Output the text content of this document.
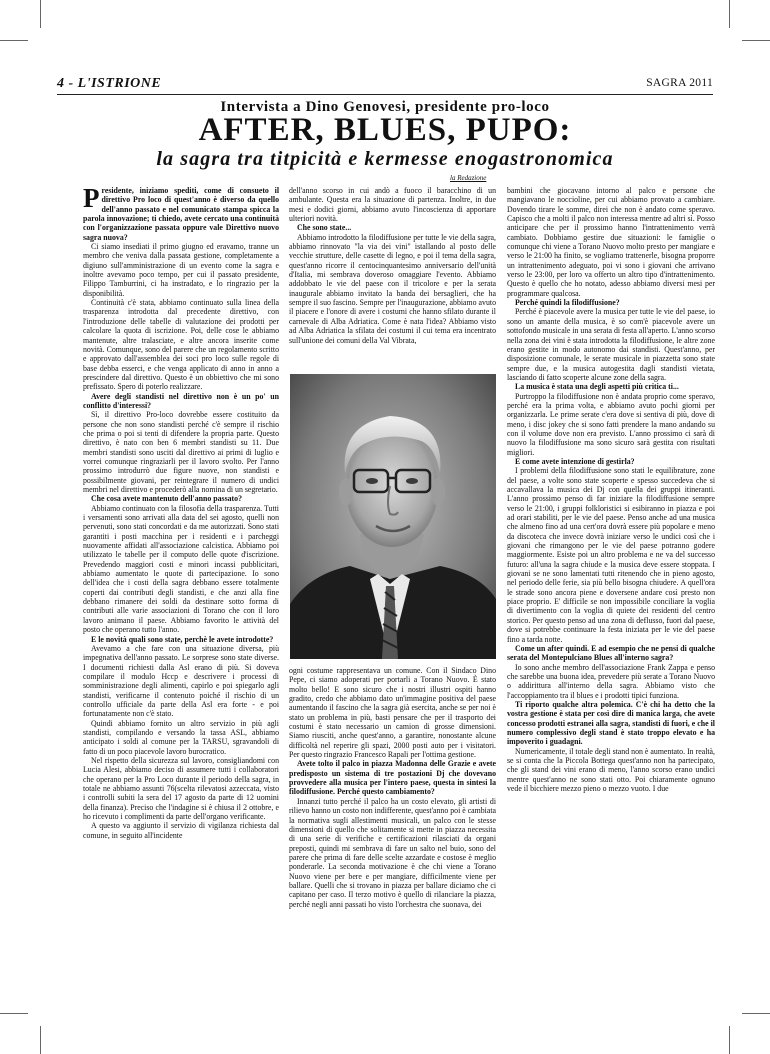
4 - L'ISTRIONE	SAGRA 2011
Intervista a Dino Genovesi, presidente pro-loco
AFTER, BLUES, PUPO:
la sagra tra titpicità e kermesse enogastronomica
la Redazione

Presidente, iniziamo spediti, come di consueto il direttivo Pro loco di quest'anno è diverso da quello dell'anno passato e nel comunicato stampa spicca la parola innovazione; ti chiedo, avete cercato una continuità con l'organizzazione passata oppure vale Direttivo nuovo sagra nuova?

Ci siamo insediati il primo giugno ed eravamo, tranne un membro che veniva dalla passata gestione, completamente a digiuno sull'amministrazione di un evento come la sagra e inoltre avevamo poco tempo, per cui il passato presidente, Filippo Tamburrini, ci ha instradato, e lo ringrazio per la disponibilità.

Continuità c'è stata, abbiamo continuato sulla linea della trasparenza introdotta dal precedente direttivo, con l'introduzione delle tabelle di valutazione dei prodotti per calcolare la quota di iscrizione. Poi, delle cose le abbiamo mantenute, altre tralasciate, e altre ancora inserite come novità. Comunque, sono del parere che un regolamento scritto e approvato dall'assemblea dei soci pro loco sulle regole di base debba esserci, e che venga applicato di anno in anno a prescindere dal direttivo. Questo è un obbiettivo che mi sono prefissato. Spero di poterlo realizzare.

Avere degli standisti nel direttivo non è un po' un conflitto d'interessi?

Sì, il direttivo Pro-loco dovrebbe essere costituito da persone che non sono standisti perché c'è sempre il rischio che prima o poi si tenti di difendere la propria parte. Questo direttivo, è nato con ben 6 membri standisti su 11. Due membri standisti sono usciti dal direttivo ai primi di luglio e vorrei comunque ringraziarli per il lavoro svolto. Per l'anno prossimo introdurrò due figure nuove, non standisti e possibilmente giovani, per reintegrare il numero di undici membri nel direttivo e procederò alla nomina di un segretario.

Che cosa avete mantenuto dell'anno passato?

Abbiamo continuato con la filosofia della trasparenza. Tutti i versamenti sono arrivati alla data del sei agosto, quelli non pervenuti, sono stati concordati e da me autorizzati. Sono stati garantiti i posti macchina per i residenti e i parcheggi nuovamente affidati all'associazione calcistica. Abbiamo poi utilizzato le tabelle per il computo delle quote d'iscrizione. Prevedendo maggiori costi e minori incassi pubblicitari, abbiamo aumentato le quote di partecipazione. Io sono dell'idea che i costi della sagra debbano essere totalmente coperti dai contributi degli standisti, e che anzi alla fine debbano rimanere dei soldi da destinare sotto forma di contributi alle varie associazioni di Torano che con il loro lavoro animano il paese. Abbiamo favorito le attività del posto che operano tutto l'anno.

E le novità quali sono state, perchè le avete introdotte?

Avevamo a che fare con una situazione diversa, più impegnativa dell'anno passato. Le sorprese sono state diverse. I documenti richiesti dalla Asl erano di più. Si doveva compilare il modulo Hccp e descrivere i processi di somministrazione degli alimenti, capirlo e poi spiegarlo agli standisti, verificarne il contenuto poiché il rischio di un controllo ufficiale da parte della Asl era forte - e poi fortunatamente non c'è stato.

Quindi abbiamo fornito un altro servizio in più agli standisti, compilando e versando la tassa ASL, abbiamo anticipato i soldi al comune per la TARSU, sgravandoli di fatto di un poco piacevole lavoro burocratico.

Nel rispetto della sicurezza sul lavoro, consigliandomi con Lucia Alesi, abbiamo deciso di assumere tutti i collaboratori che operano per la Pro Loco durante il periodo della sagra, in totale ne abbiamo assunti 76(scelta rilevatosi azzeccata, visto i controlli subiti la sera del 17 agosto da parte di 12 uomini della finanza). Preciso che l'indagine si è chiusa il 2 ottobre, e ho ricevuto i complimenti da parte dell'organo verificante.

A questo va aggiunto il servizio di vigilanza richiesta dal comune, in seguito all'incidente

dell'anno scorso in cui andò a fuoco il baracchino di un ambulante. Questa era la situazione di partenza. Inoltre, in due mesi e dodici giorni, abbiamo avuto l'incoscienza di apportare ulteriori novità.

Che sono state...

Abbiamo introdotto la filodiffusione per tutte le vie della sagra, abbiamo rinnovato "la via dei vini" istallando al posto delle vecchie strutture, delle casette di legno, e poi il tema della sagra, quest'anno ricorre il centocinquantesimo anniversario dell'unità d'Italia, mi sembrava doveroso omaggiare l'evento. Abbiamo addobbato le vie del paese con il tricolore e per la serata inaugurale abbiamo invitato la banda dei bersaglieri, che ha sempre il suo fascino. Sempre per l'inaugurazione, abbiamo avuto il piacere e l'onore di avere i costumi che hanno sfilato durante il carnevale di Alba Adriatica. Come è nata l'idea? Abbiamo visto ad Alba Adriatica la sfilata dei costumi il cui tema era incentrato sull'unione dei comuni della Val Vibrata,

ogni costume rappresentava un comune. Con il Sindaco Dino Pepe, ci siamo adoperati per portarli a Torano Nuovo. È stato molto bello! E sono sicuro che i nostri illustri ospiti hanno gradito, credo che abbiamo dato un'immagine positiva del paese aumentando il fascino che la sagra già esercita, anche se per noi è stato un problema in più, basti pensare che per il trasporto dei costumi è stato necessario un camion di grosse dimensioni. Siamo riusciti, anche quest'anno, a garantire, nonostante alcune difficoltà nel reperire gli spazi, 2000 posti auto per i visitatori. Per questo ringrazio Francesco Rapali per l'ottima gestione.

Avete tolto il palco in piazza Madonna delle Grazie e avete predisposto un sistema di tre postazioni Dj che dovevano provvedere alla musica per l'intero paese, questa in sintesi la filodiffusione. Perché questo cambiamento?

Innanzi tutto perché il palco ha un costo elevato, gli artisti di rilievo hanno un costo non indifferente, quest'anno poi è cambiata la normativa sugli allestimenti musicali, un palco con le stesse dimensioni di quello che solitamente si mette in piazza necessita di una serie di verifiche e certificazioni rilasciati da organi preposti, quindi mi sembrava di fare un salto nel buio, sono del parere che prima di fare delle scelte azzardate e costose è meglio ponderarle. La seconda motivazione è che chi viene a Torano Nuovo viene per bere e per mangiare, difficilmente viene per ballare. Quelli che si trovano in piazza per ballare diciamo che ci capitano per caso. Il terzo motivo è quello di rilanciare la piazza, perché negli anni passati ho visto l'orchestra che suonava, dei

bambini che giocavano intorno al palco e persone che mangiavano le noccioline, per cui abbiamo provato a cambiare. Dovendo tirare le somme, direi che non è andato come speravo. Capisco che a molti il palco non interessa mentre ad altri sì. Posso anticipare che per il prossimo hanno l'intrattenimento verrà cambiato. Dobbiamo gestire due situazioni: le famiglie o comunque chi viene a Torano Nuovo molto presto per mangiare e verso le 21:00 ha finito, se vogliamo trattenerle, bisogna proporre un intrattenimento adeguato, poi vi sono i giovani che arrivano verso le 23:00, per loro va offerto un altro tipo d'intrattenimento. Questo è quello che ho notato, adesso abbiamo diversi mesi per programmare qualcosa.

Perché quindi la filodiffusione?

Perché è piacevole avere la musica per tutte le vie del paese, io sono un amante della musica, è so com'è piacevole avere un sottofondo musicale in una serata di festa all'aperto. L'anno scorso nella zona dei vini è stata introdotta la filodiffusione, le altre zone erano gestite in modo autonomo dai standisti. Quest'anno, per disposizione comunale, le serate musicale in piazzetta sono state sempre due, e la musica autogestita dagli standisti vietata, lasciando di fatto scoperte alcune zone della sagra.

La musica è stata una degli aspetti più critica ti...

Purtroppo la filodiffusione non è andata proprio come speravo, perché era la prima volta, e abbiamo avuto pochi giorni per organizzarla. Le prime serate c'era dove si sentiva di più, dove di meno, i disc jokey che si sono fatti prendere la mano andando su con il volume dove non era previsto. L'anno prossimo ci sarà di nuovo la filodiffusione ma sono sicuro sarà gestita con risultati migliori.

E come avete intenzione di gestirla?

I problemi della filodiffusione sono stati le equilibrature, zone del paese, a volte sono state scoperte e spesso succedeva che si accavallava la musica dei Dj con quella dei gruppi itineranti. L'anno prossimo penso di far iniziare la filodiffusione sempre verso le 21:00, i gruppi folkloristici si esibiranno in piazza e poi ad orari stabiliti, per le vie del paese. Penso anche ad una musica che almeno fino ad una cert'ora dovrà essere più popolare e meno da discoteca che invece dovrà iniziare verso le undici così che i giovani che rimangono per le vie del paese potranno godere maggiormente. Esiste poi un altro problema e ne va del successo futuro: all'una la sagra chiude e la musica deve essere stoppata. I giovani se ne sono lamentati tutti ritenendo che in pieno agosto, nel periodo delle ferie, sia più bello bisogna chiudere. A quell'ora le strade sono ancora piene e doversene andare così presto non piace proprio. E' difficile se non impossibile conciliare la voglia di divertimento con la voglia di quiete dei residenti del centro storico. Per questo penso ad una zona di deflusso, fuori dal paese, dove si potrebbe continuare la festa iniziata per le vie del paese fino a tarda notte.

Come un after quindi. E ad esempio che ne pensi di qualche serata del Montepulciano Blues all'interno sagra?

Io sono anche membro dell'associazione Frank Zappa e penso che sarebbe una buona idea, prevedere più serate a Torano Nuovo o addirittura all'interno della sagra. Abbiamo visto che l'accoppiamento tra il blues e i prodotti tipici funziona.

Ti riporto qualche altra polemica. C'è chi ha detto che la vostra gestione è stata per così dire di manica larga, che avete concesso prodotti estranei alla sagra, standisti di fuori, e che il numero complessivo degli stand è stato troppo elevato e ha impoverito i guadagni.

Numericamente, il totale degli stand non è aumentato. In realtà, se si conta che la Piccola Bottega quest'anno non ha partecipato, che gli stand dei vini erano di meno, l'anno scorso erano undici mentre quest'anno ne sono stati otto. Poi chiaramente ognuno vede il bicchiere mezzo pieno o mezzo vuoto. I due
